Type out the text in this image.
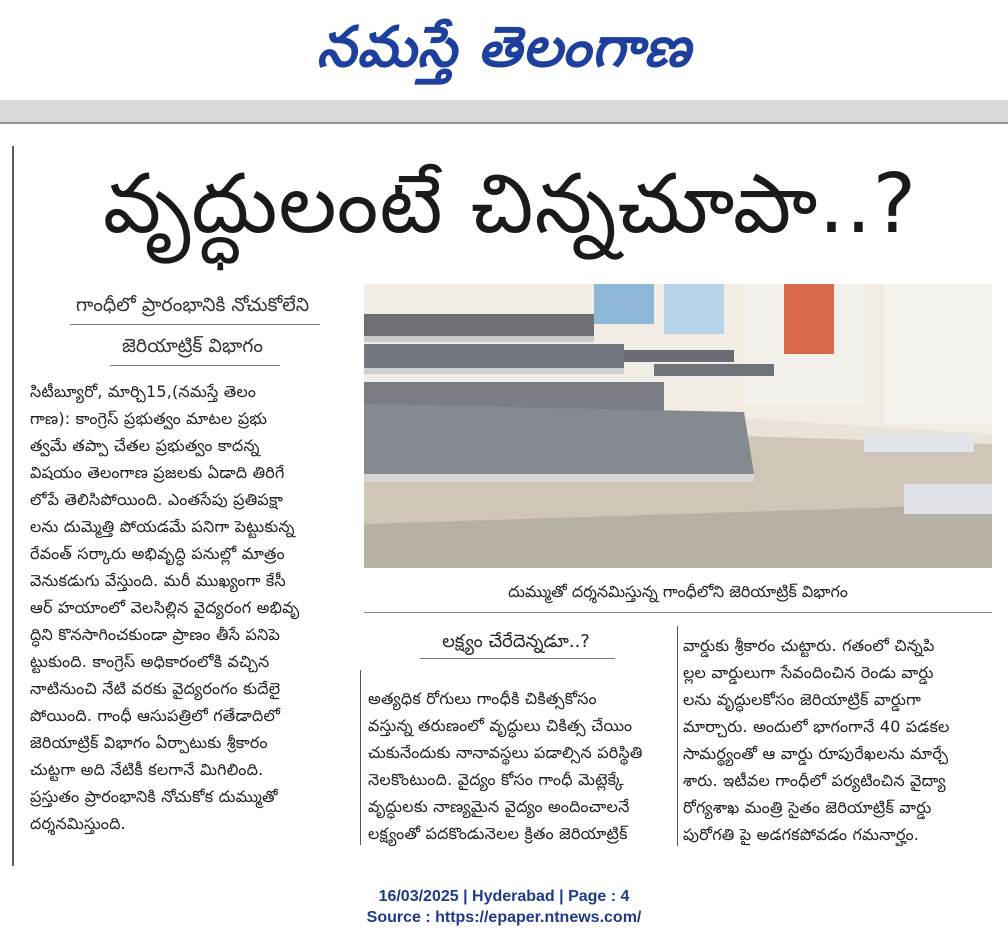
నమస్తే తెలంగాణ
వృద్ధులంటే చిన్నచూపా..?
గాంధీలో ప్రారంభానికి నోచుకోలేని
జెరియాట్రిక్ విభాగం
సిటీబ్యూరో, మార్చి15,(నమస్తే తెలం
గాణ): కాంగ్రెస్ ప్రభుత్వం మాటల ప్రభు
త్వమే తప్పా చేతల ప్రభుత్వం కాదన్న
విషయం తెలంగాణ ప్రజలకు ఏడాది తిరిగే
లోపే తెలిసిపోయింది. ఎంతసేపు ప్రతిపక్షా
లను దుమ్మెత్తి పోయడమే పనిగా పెట్టుకున్న
రేవంత్ సర్కారు అభివృద్ధి పనుల్లో మాత్రం
వెనుకడుగు వేస్తుంది. మరీ ముఖ్యంగా కేసీ
ఆర్ హయాంలో వెలసిల్లిన వైద్యరంగ అభివృ
ద్ధిని కొనసాగించకుండా ప్రాణం తీసే పనిపె
ట్టుకుంది. కాంగ్రెస్ అధికారంలోకి వచ్చిన
నాటినుంచి నేటి వరకు వైద్యరంగం కుదేలై
పోయింది. గాంధీ ఆసుపత్రిలో గతేడాదిలో
జెరియాట్రిక్ విభాగం ఏర్పాటుకు శ్రీకారం
చుట్టగా అది నేటికీ కలగానే మిగిలింది.
ప్రస్తుతం ప్రారంభానికి నోచుకోక దుమ్ముతో
దర్శనమిస్తుంది.
దుమ్ముతో దర్శనమిస్తున్న గాంధీలోని జెరియాట్రిక్ విభాగం
లక్ష్యం చేరేదెన్నడూ..?
అత్యధిక రోగులు గాంధీకి చికిత్సకోసం
వస్తున్న తరుణంలో వృద్ధులు చికిత్స చేయిం
చుకునేందుకు నానావస్థలు పడాల్సిన పరిస్థితి
నెలకొంటుంది. వైద్యం కోసం గాంధీ మెట్లెక్కే
వృద్ధులకు నాణ్యమైన వైద్యం అందించాలనే
లక్ష్యంతో పదకొండునెలల క్రితం జెరియాట్రిక్
వార్డుకు శ్రీకారం చుట్టారు. గతంలో చిన్నపి
ల్లల వార్డులుగా సేవందించిన రెండు వార్డు
లను వృద్ధులకోసం జెరియాట్రిక్ వార్డుగా
మార్చారు. అందులో భాగంగానే 40 పడకల
సామర్థ్యంతో ఆ వార్డు రూపురేఖలను మార్చే
శారు. ఇటీవల గాంధీలో పర్యటించిన వైద్యా
రోగ్యశాఖ మంత్రి సైతం జెరియాట్రిక్ వార్డు
పురోగతి పై అడగకపోవడం గమనార్హం.
16/03/2025 | Hyderabad | Page : 4
Source : https://epaper.ntnews.com/
